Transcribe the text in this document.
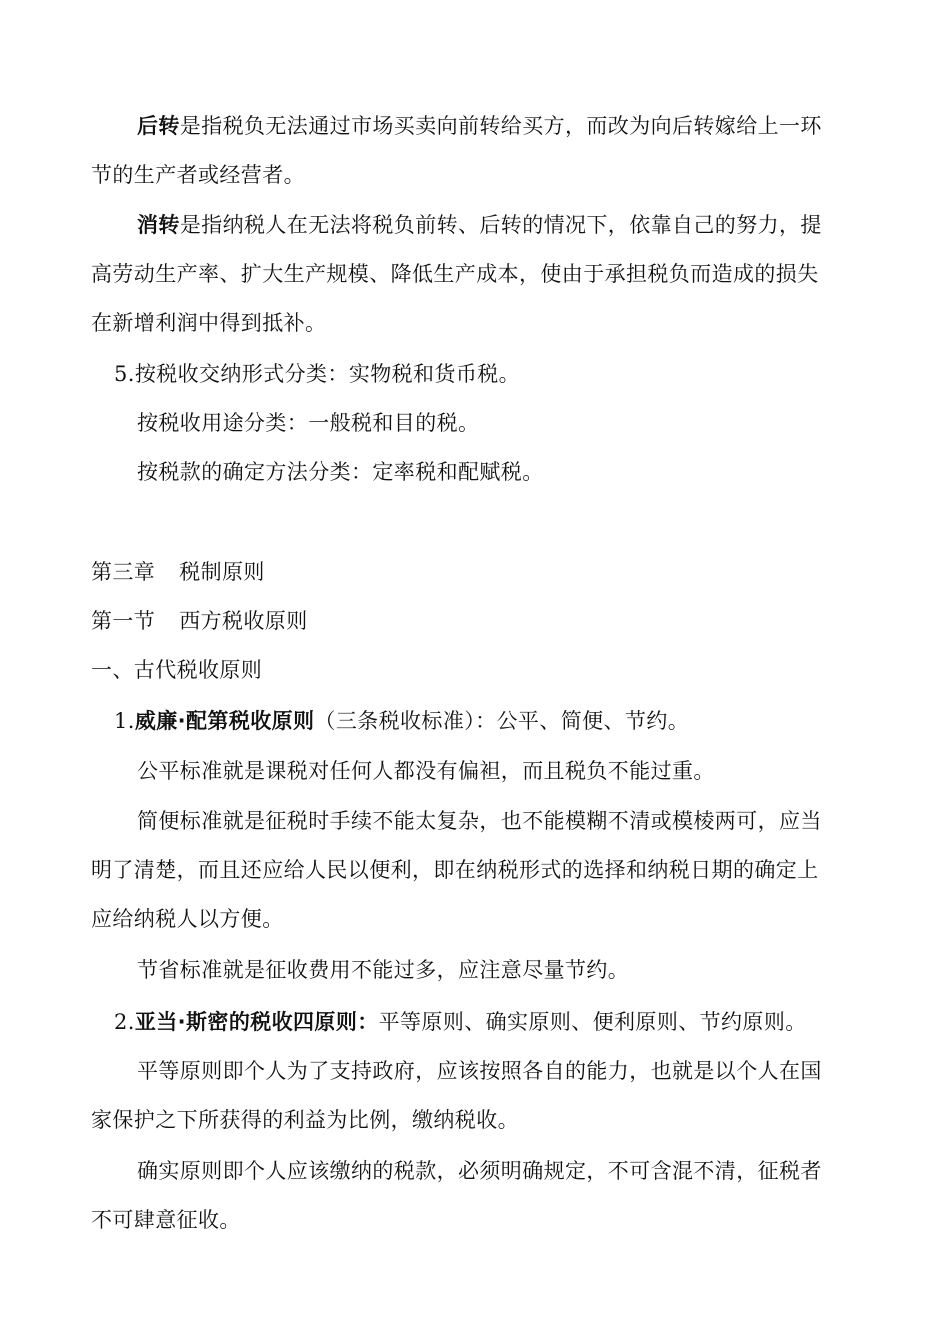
后转是指税负无法通过市场买卖向前转给买方，而改为向后转嫁给上一环
节的生产者或经营者。
消转是指纳税人在无法将税负前转、后转的情况下，依靠自己的努力，提
高劳动生产率、扩大生产规模、降低生产成本，使由于承担税负而造成的损失
在新增利润中得到抵补。
5.按税收交纳形式分类：实物税和货币税。
按税收用途分类：一般税和目的税。
按税款的确定方法分类：定率税和配赋税。
第三章 税制原则
第一节 西方税收原则
一、古代税收原则
1.威廉·配第税收原则（三条税收标准）：公平、简便、节约。
公平标准就是课税对任何人都没有偏袒，而且税负不能过重。
简便标准就是征税时手续不能太复杂，也不能模糊不清或模棱两可，应当
明了清楚，而且还应给人民以便利，即在纳税形式的选择和纳税日期的确定上
应给纳税人以方便。
节省标准就是征收费用不能过多，应注意尽量节约。
2.亚当·斯密的税收四原则：平等原则、确实原则、便利原则、节约原则。
平等原则即个人为了支持政府，应该按照各自的能力，也就是以个人在国
家保护之下所获得的利益为比例，缴纳税收。
确实原则即个人应该缴纳的税款，必须明确规定，不可含混不清，征税者
不可肆意征收。
